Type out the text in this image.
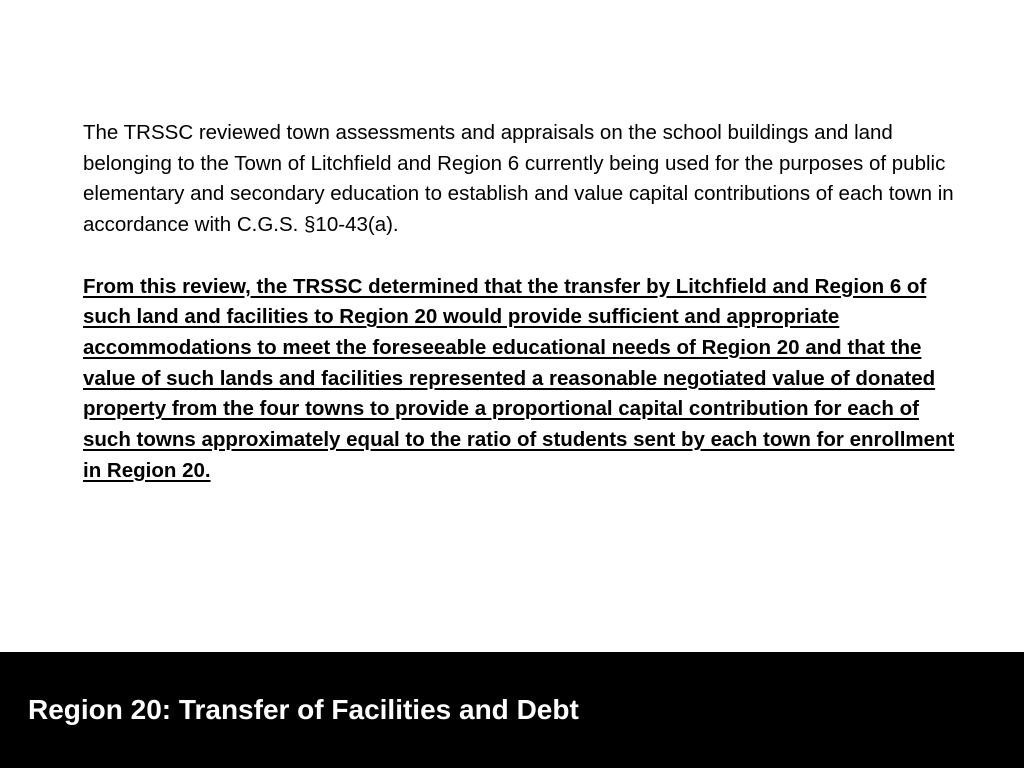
The TRSSC reviewed town assessments and appraisals on the school buildings and land belonging to the Town of Litchfield and Region 6 currently being used for the purposes of public elementary and secondary education to establish and value capital contributions of each town in accordance with C.G.S. §10-43(a).

From this review, the TRSSC determined that the transfer by Litchfield and Region 6 of such land and facilities to Region 20 would provide sufficient and appropriate accommodations to meet the foreseeable educational needs of Region 20 and that the value of such lands and facilities represented a reasonable negotiated value of donated property from the four towns to provide a proportional capital contribution for each of such towns approximately equal to the ratio of students sent by each town for enrollment in Region 20.

Region 20: Transfer of Facilities and Debt
